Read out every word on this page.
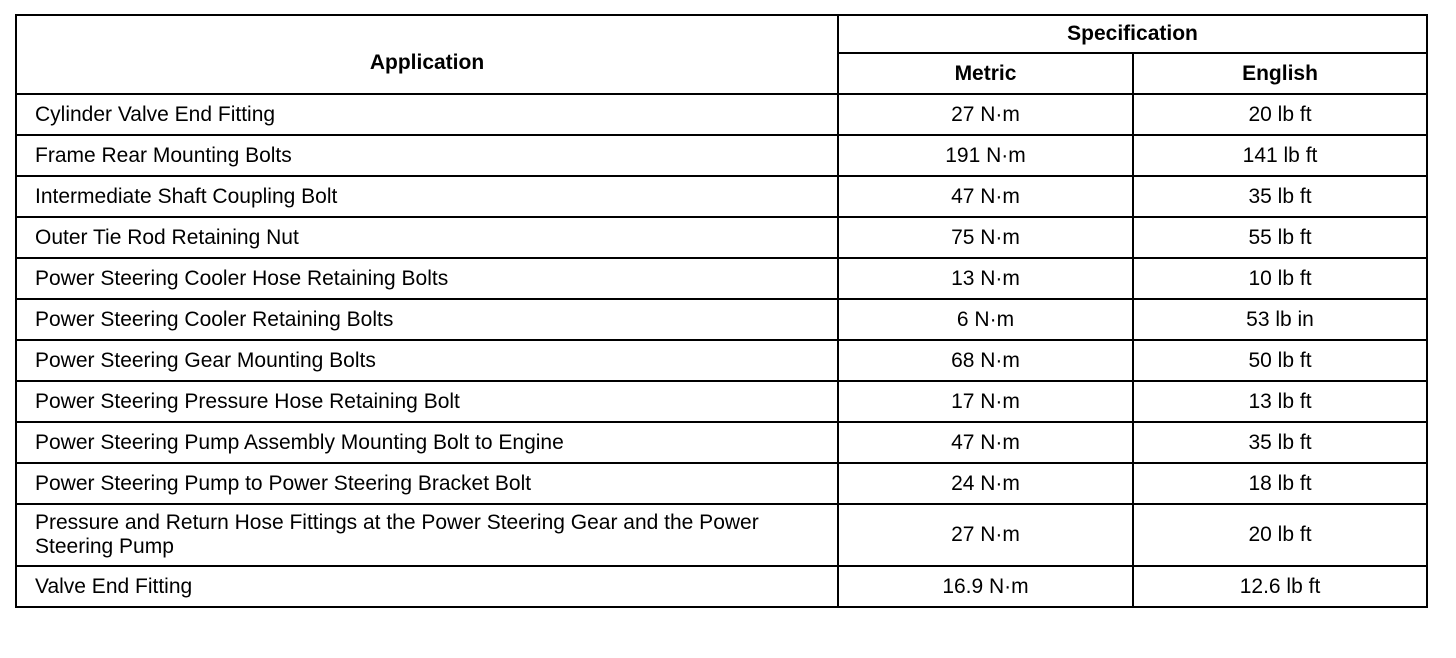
Application	Specification	
	Metric	English
Cylinder Valve End Fitting	27 N·m	20 lb ft
Frame Rear Mounting Bolts	191 N·m	141 lb ft
Intermediate Shaft Coupling Bolt	47 N·m	35 lb ft
Outer Tie Rod Retaining Nut	75 N·m	55 lb ft
Power Steering Cooler Hose Retaining Bolts	13 N·m	10 lb ft
Power Steering Cooler Retaining Bolts	6 N·m	53 lb in
Power Steering Gear Mounting Bolts	68 N·m	50 lb ft
Power Steering Pressure Hose Retaining Bolt	17 N·m	13 lb ft
Power Steering Pump Assembly Mounting Bolt to Engine	47 N·m	35 lb ft
Power Steering Pump to Power Steering Bracket Bolt	24 N·m	18 lb ft
Pressure and Return Hose Fittings at the Power Steering Gear and the Power Steering Pump	27 N·m	20 lb ft
Valve End Fitting	16.9 N·m	12.6 lb ft
